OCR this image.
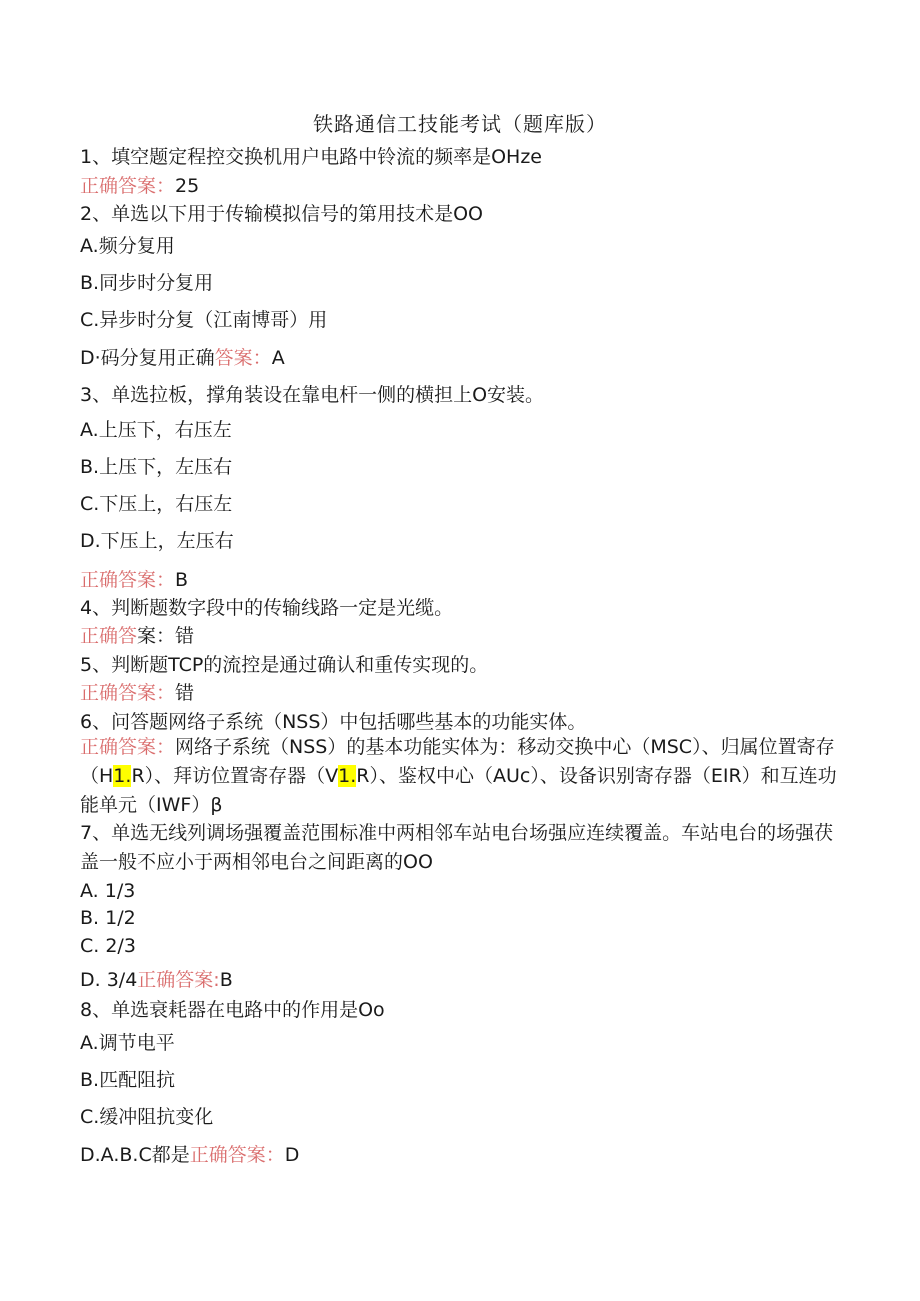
铁路通信工技能考试（题库版）
1、填空题定程控交换机用户电路中铃流的频率是OHze
正确答案：25
2、单选以下用于传输模拟信号的第用技术是OO
A.频分复用
B.同步时分复用
C.异步时分复（江南博哥）用
D·码分复用正确答案：A
3、单选拉板，撑角装设在靠电杆一侧的横担上O安装。
A.上压下，右压左
B.上压下，左压右
C.下压上，右压左
D.下压上，左压右
正确答案：B
4、判断题数字段中的传输线路一定是光缆。
正确答案：错
5、判断题TCP的流控是通过确认和重传实现的。
正确答案：错
6、问答题网络子系统（NSS）中包括哪些基本的功能实体。
正确答案：网络子系统（NSS）的基本功能实体为：移动交换中心（MSC）、归属位置寄存（H1.R）、拜访位置寄存器（V1.R）、鉴权中心（AUc）、设备识别寄存器（EIR）和互连功能单元（IWF）β
7、单选无线列调场强覆盖范围标准中两相邻车站电台场强应连续覆盖。车站电台的场强茯盖一般不应小于两相邻电台之间距离的OO
A. 1/3
B. 1/2
C. 2/3
D. 3/4正确答案:B
8、单选衰耗器在电路中的作用是Oo
A.调节电平
B.匹配阻抗
C.缓冲阻抗变化
D.A.B.C都是正确答案：D
